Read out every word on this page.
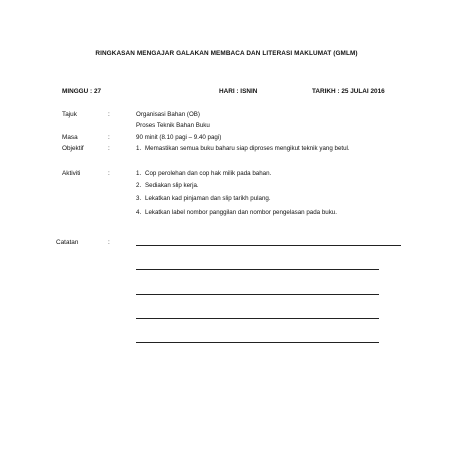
RINGKASAN MENGAJAR GALAKAN MEMBACA DAN LITERASI MAKLUMAT (GMLM)
MINGGU : 27	HARI : ISNIN	TARIKH : 25 JULAI 2016
Tajuk	:	Organisasi Bahan (OB)
Proses Teknik Bahan Buku
Masa	:	90 minit (8.10 pagi – 9.40 pagi)
Objektif	:	1. Memastikan semua buku baharu siap diproses mengikut teknik yang betul.
Aktiviti	:	1. Cop perolehan dan cop hak milik pada bahan.
2. Sediakan slip kerja.
3. Lekatkan kad pinjaman dan slip tarikh pulang.
4. Lekatkan label nombor panggilan dan nombor pengelasan pada buku.
Catatan	:
